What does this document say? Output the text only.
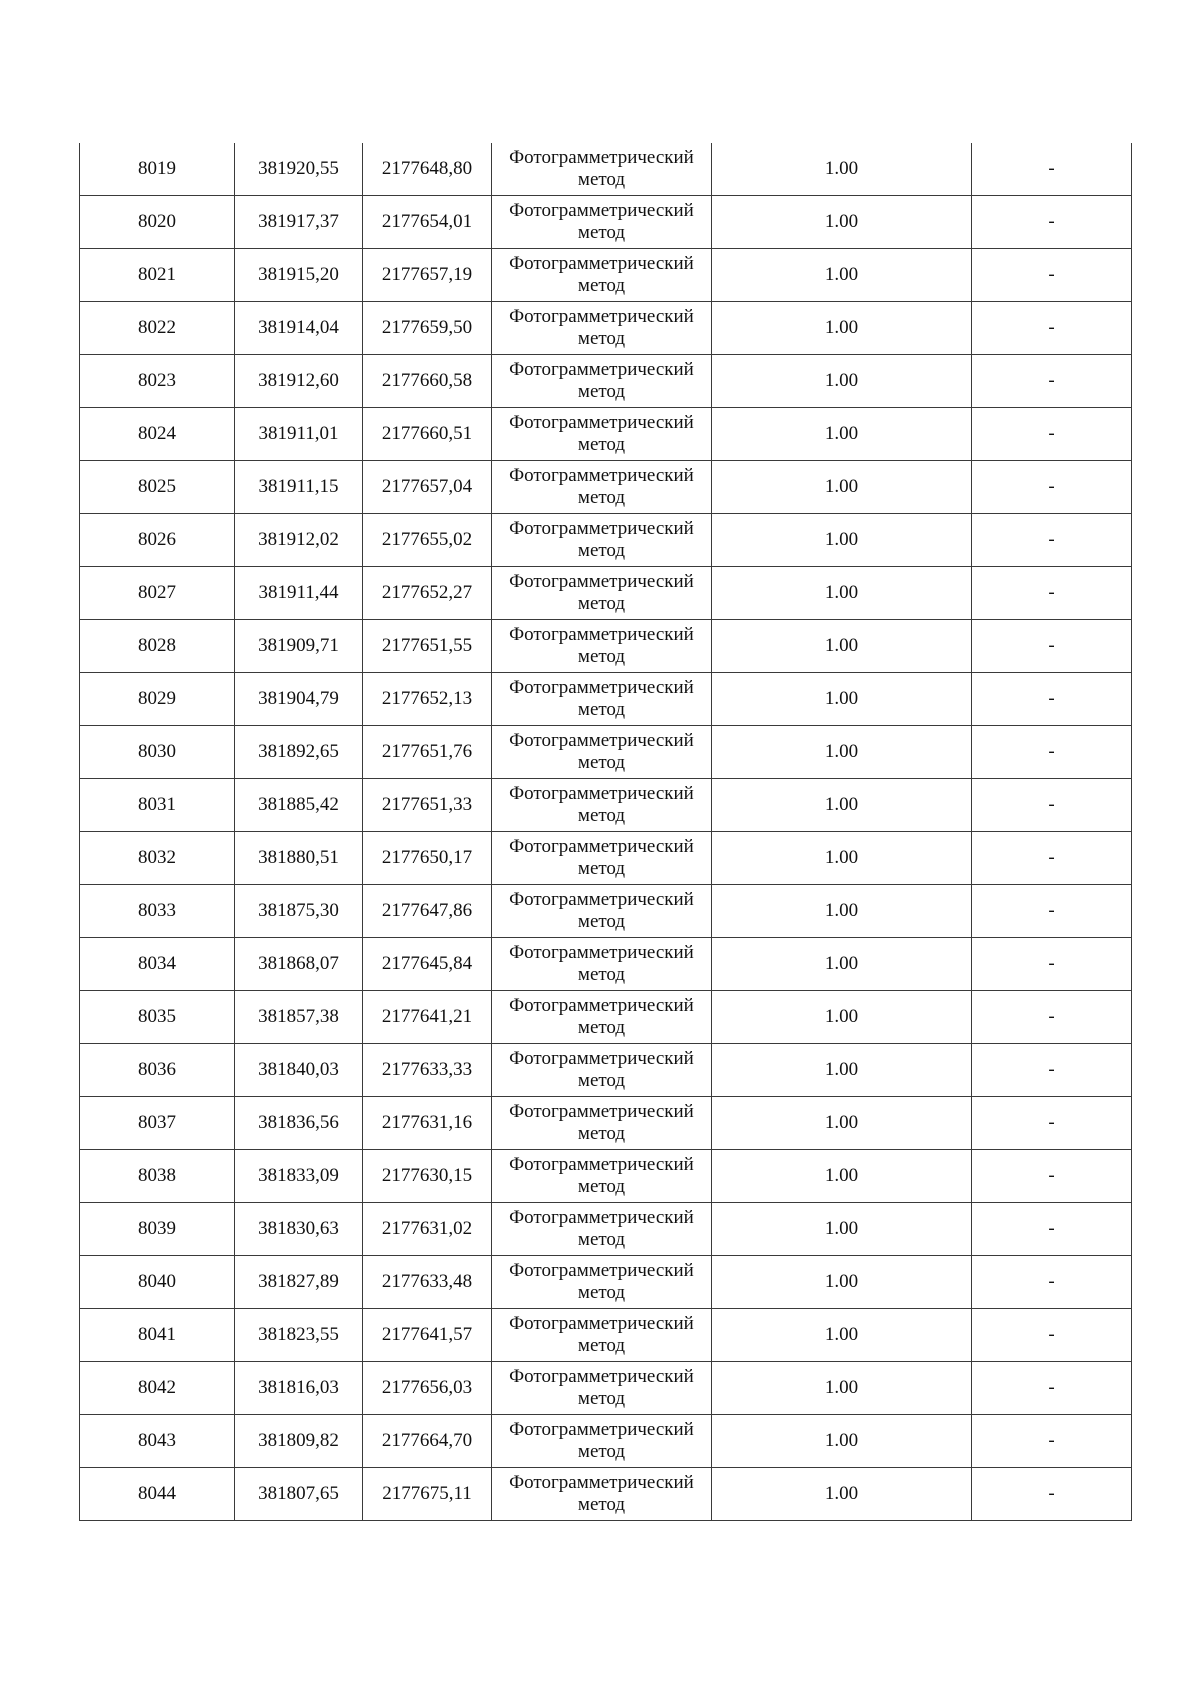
8019	381920,55	2177648,80	Фотограмметрический метод	1.00	-
8020	381917,37	2177654,01	Фотограмметрический метод	1.00	-
8021	381915,20	2177657,19	Фотограмметрический метод	1.00	-
8022	381914,04	2177659,50	Фотограмметрический метод	1.00	-
8023	381912,60	2177660,58	Фотограмметрический метод	1.00	-
8024	381911,01	2177660,51	Фотограмметрический метод	1.00	-
8025	381911,15	2177657,04	Фотограмметрический метод	1.00	-
8026	381912,02	2177655,02	Фотограмметрический метод	1.00	-
8027	381911,44	2177652,27	Фотограмметрический метод	1.00	-
8028	381909,71	2177651,55	Фотограмметрический метод	1.00	-
8029	381904,79	2177652,13	Фотограмметрический метод	1.00	-
8030	381892,65	2177651,76	Фотограмметрический метод	1.00	-
8031	381885,42	2177651,33	Фотограмметрический метод	1.00	-
8032	381880,51	2177650,17	Фотограмметрический метод	1.00	-
8033	381875,30	2177647,86	Фотограмметрический метод	1.00	-
8034	381868,07	2177645,84	Фотограмметрический метод	1.00	-
8035	381857,38	2177641,21	Фотограмметрический метод	1.00	-
8036	381840,03	2177633,33	Фотограмметрический метод	1.00	-
8037	381836,56	2177631,16	Фотограмметрический метод	1.00	-
8038	381833,09	2177630,15	Фотограмметрический метод	1.00	-
8039	381830,63	2177631,02	Фотограмметрический метод	1.00	-
8040	381827,89	2177633,48	Фотограмметрический метод	1.00	-
8041	381823,55	2177641,57	Фотограмметрический метод	1.00	-
8042	381816,03	2177656,03	Фотограмметрический метод	1.00	-
8043	381809,82	2177664,70	Фотограмметрический метод	1.00	-
8044	381807,65	2177675,11	Фотограмметрический метод	1.00	-
